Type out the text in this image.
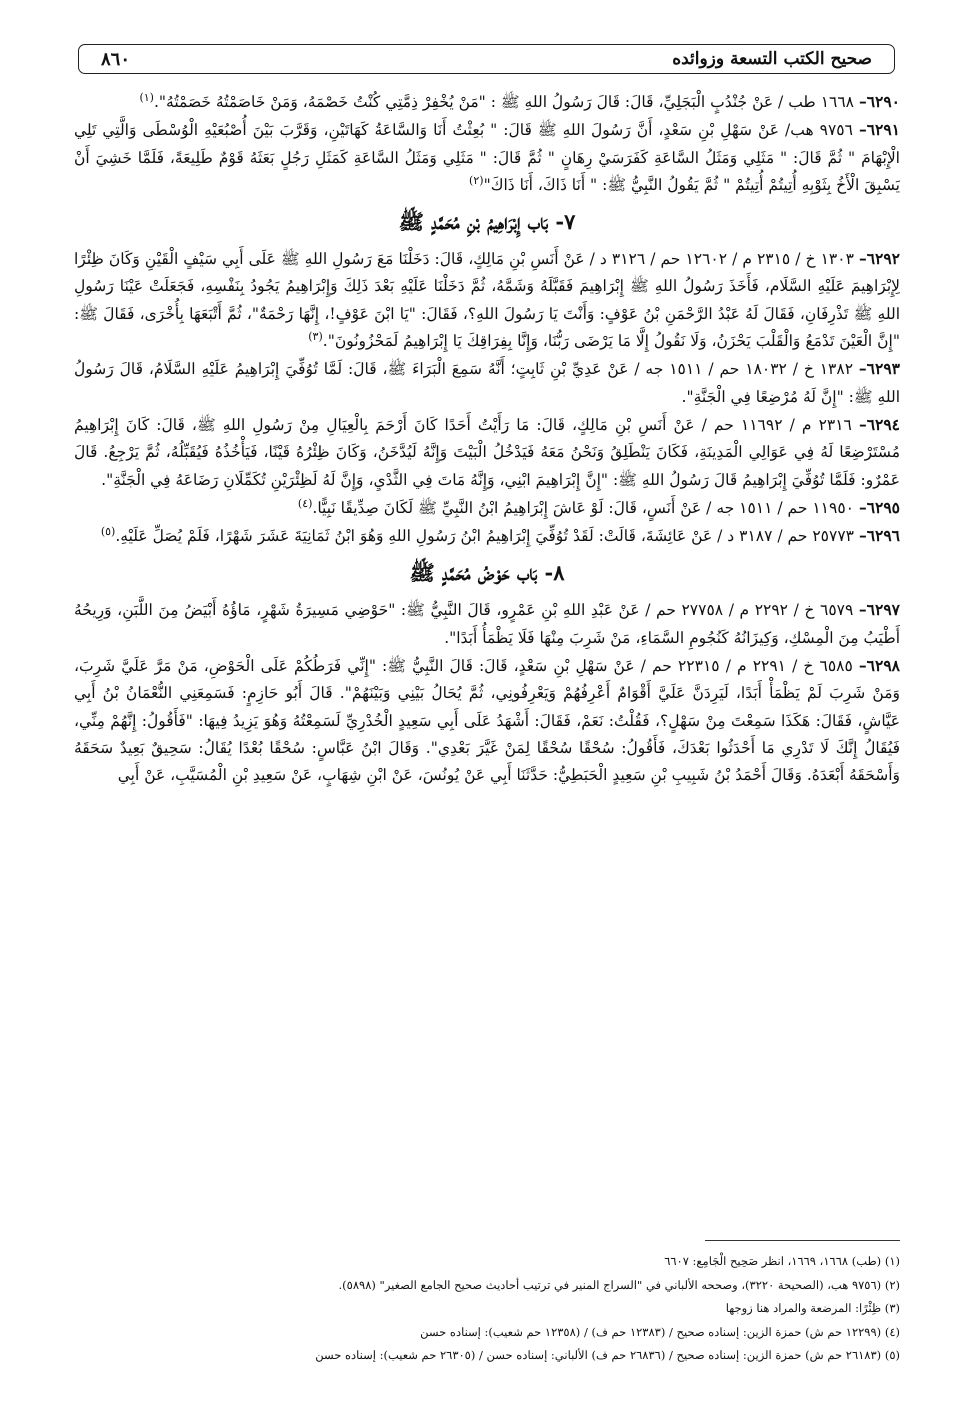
صحيح الكتب التسعة وزوائده
٨٦٠

٦٢٩٠– ١٦٦٨ طب / عَنْ جُنْدُبٍ الْبَجَلِيِّ، قَالَ: قَالَ رَسُولُ اللهِ ﷺ : "مَنْ يُخْفِرْ ذِمَّتِي كُنْتُ خَصْمَهُ، وَمَنْ خَاصَمْتُهُ خَصَمْتُهُ".$^{(١)}$

٦٢٩١– ٩٧٥٦ هب/ عَنْ سَهْلِ بْنِ سَعْدٍ، أَنَّ رَسُولَ اللهِ ﷺ قَالَ: " بُعِثْتُ أَنَا وَالسَّاعَةُ كَهَاتَيْنِ، وَقَرَّبَ بَيْنَ أُصْبُعَيْهِ الْوُسْطَى وَالَّتِي تَلِي الْإِبْهَامَ " ثُمَّ قَالَ: " مَثَلِي وَمَثَلُ السَّاعَةِ كَفَرَسَيْ رِهَانٍ " ثُمَّ قَالَ: " مَثَلِي وَمَثَلُ السَّاعَةِ كَمَثَلِ رَجُلٍ بَعَثَهُ قَوْمٌ طَلِيعَةً، فَلَمَّا خَشِيَ أَنْ يَسْبِقَ الْأَخُ بِثَوْبِهِ أُتِيتُمْ أُتِيتُمْ " ثُمَّ يَقُولُ النَّبِيُّ ﷺ: " أَنَا ذَاكَ، أَنَا ذَاكَ"$^{(٢)}$

٧- بَاب إِبْرَاهِيمُ بْنِ مُحَمَّدٍ ﷺ

٦٢٩٢– ١٣٠٣ خ / ٢٣١٥ م / ١٢٦٠٢ حم / ٣١٢٦ د / عَنْ أَنَسِ بْنِ مَالِكٍ، قَالَ: دَخَلْنَا مَعَ رَسُولِ اللهِ ﷺ عَلَى أَبِي سَيْفٍ الْقَيْنِ وَكَانَ ظِئْرًا لِإِبْرَاهِيمَ عَلَيْهِ السَّلَام، فَأَخَذَ رَسُولُ اللهِ ﷺ إِبْرَاهِيمَ فَقَبَّلَهُ وَشَمَّهُ، ثُمَّ دَخَلْنَا عَلَيْهِ بَعْدَ ذَلِكَ وَإِبْرَاهِيمُ يَجُودُ بِنَفْسِهِ، فَجَعَلَتْ عَيْنَا رَسُولِ اللهِ ﷺ تَذْرِفَانِ، فَقَالَ لَهُ عَبْدُ الرَّحْمَنِ بْنُ عَوْفٍ: وَأَنْتَ يَا رَسُولَ اللهِ؟، فَقَالَ: "يَا ابْنَ عَوْفٍ!، إِنَّهَا رَحْمَةٌ"، ثُمَّ أَتْبَعَهَا بِأُخْرَى، فَقَالَ ﷺ: "إِنَّ الْعَيْنَ تَدْمَعُ وَالْقَلْبَ يَحْزَنُ، وَلَا نَقُولُ إِلَّا مَا يَرْضَى رَبُّنَا، وَإِنَّا بِفِرَاقِكَ يَا إِبْرَاهِيمُ لَمَحْزُونُونَ".$^{(٣)}$

٦٢٩٣– ١٣٨٢ خ / ١٨٠٣٢ حم / ١٥١١ جه / عَنْ عَدِيِّ بْنِ ثَابِتٍ؛ أَنَّهُ سَمِعَ الْبَرَاءَ ﷺ، قَالَ: لَمَّا تُوُفِّيَ إِبْرَاهِيمُ عَلَيْهِ السَّلَامُ، قَالَ رَسُولُ اللهِ ﷺ: "إِنَّ لَهُ مُرْضِعًا فِي الْجَنَّةِ".

٦٢٩٤– ٢٣١٦ م / ١١٦٩٢ حم / عَنْ أَنَسِ بْنِ مَالِكٍ، قَالَ: مَا رَأَيْتُ أَحَدًا كَانَ أَرْحَمَ بِالْعِيَالِ مِنْ رَسُولِ اللهِ ﷺ، قَالَ: كَانَ إِبْرَاهِيمُ مُسْتَرْضِعًا لَهُ فِي عَوَالِي الْمَدِينَةِ، فَكَانَ يَنْطَلِقُ وَنَحْنُ مَعَهُ فَيَدْخُلُ الْبَيْتَ وَإِنَّهُ لَيُدَّخَنُ، وَكَانَ ظِئْرُهُ قَيْنًا، فَيَأْخُذُهُ فَيُقَبِّلُهُ، ثُمَّ يَرْجِعُ. قَالَ عَمْرٌو: فَلَمَّا تُوُفِّيَ إِبْرَاهِيمُ قَالَ رَسُولُ اللهِ ﷺ: "إِنَّ إِبْرَاهِيمَ ابْنِي، وَإِنَّهُ مَاتَ فِي الثَّدْيِ، وَإِنَّ لَهُ لَظِئْرَيْنِ تُكَمِّلَانِ رَضَاعَهُ فِي الْجَنَّةِ".

٦٢٩٥– ١١٩٥٠ حم / ١٥١١ جه / عَنْ أَنَسٍ، قَالَ: لَوْ عَاشَ إِبْرَاهِيمُ ابْنُ النَّبِيِّ ﷺ لَكَانَ صِدِّيقًا نَبِيًّا.$^{(٤)}$

٦٢٩٦– ٢٥٧٧٣ حم / ٣١٨٧ د / عَنْ عَائِشَةَ، قَالَتْ: لَقَدْ تُوُفِّيَ إِبْرَاهِيمُ ابْنُ رَسُولِ اللهِ وَهُوَ ابْنُ ثَمَانِيَةَ عَشَرَ شَهْرًا، فَلَمْ يُصَلِّ عَلَيْهِ.$^{(٥)}$

٨- بَاب حَوْضُ مُحَمَّدٍ ﷺ

٦٢٩٧– ٦٥٧٩ خ / ٢٢٩٢ م / ٢٧٧٥٨ حم / عَنْ عَبْدِ اللهِ بْنِ عَمْرٍو، قَالَ النَّبِيُّ ﷺ: "حَوْضِي مَسِيرَةُ شَهْرٍ، مَاؤُهُ أَبْيَضُ مِنَ اللَّبَنِ، وَرِيحُهُ أَطْيَبُ مِنَ الْمِسْكِ، وَكِيزَانُهُ كَنُجُومِ السَّمَاءِ، مَنْ شَرِبَ مِنْهَا فَلَا يَظْمَأُ أَبَدًا".

٦٢٩٨– ٦٥٨٥ خ / ٢٢٩١ م / ٢٢٣١٥ حم / عَنْ سَهْلِ بْنِ سَعْدٍ، قَالَ: قَالَ النَّبِيُّ ﷺ: "إِنِّي فَرَطُكُمْ عَلَى الْحَوْضِ، مَنْ مَرَّ عَلَيَّ شَرِبَ، وَمَنْ شَرِبَ لَمْ يَظْمَأْ أَبَدًا، لَيَرِدَنَّ عَلَيَّ أَقْوَامٌ أَعْرِفُهُمْ وَيَعْرِفُونِي، ثُمَّ يُحَالُ بَيْنِي وَبَيْنَهُمْ". قَالَ أَبُو حَازِمٍ: فَسَمِعَنِي النُّعْمَانُ بْنُ أَبِي عَيَّاشٍ، فَقَالَ: هَكَذَا سَمِعْتَ مِنْ سَهْلٍ؟، فَقُلْتُ: نَعَمْ، فَقَالَ: أَشْهَدُ عَلَى أَبِي سَعِيدٍ الْخُدْرِيِّ لَسَمِعْتُهُ وَهُوَ يَزِيدُ فِيهَا: "فَأَقُولُ: إِنَّهُمْ مِنِّي، فَيُقَالُ إِنَّكَ لَا تَدْرِي مَا أَحْدَثُوا بَعْدَكَ، فَأَقُولُ: سُحْقًا سُحْقًا لِمَنْ غَيَّرَ بَعْدِي". وَقَالَ ابْنُ عَبَّاسٍ: سُحْقًا بُعْدًا يُقَالُ: سَحِيقٌ بَعِيدٌ سَحَقَهُ وَأَسْحَقَهُ أَبْعَدَهُ. وَقَالَ أَحْمَدُ بْنُ شَبِيبِ بْنِ سَعِيدٍ الْحَبَطِيُّ: حَدَّثَنَا أَبِي عَنْ يُونُسَ، عَنْ ابْنِ شِهَابٍ، عَنْ سَعِيدِ بْنِ الْمُسَيَّبِ، عَنْ أَبِي

(١) (طب) ١٦٦٨، ١٦٦٩، انظر صَحِيح الْجَامِع: ٦٦٠٧

(٢) (٩٧٥٦ هب، (الصحيحة ٣٢٢٠)، وصححه الألباني في "السراج المنير في ترتيب أحاديث صحيح الجامع الصغير" (٥٨٩٨).

(٣) ظِئْرًا: المرضعة والمراد هنا زوجها

(٤) (١٢٢٩٩ حم ش) حمزة الزين: إسناده صحيح / (١٢٣٨٣ حم ف) / (١٢٣٥٨ حم شعيب): إسناده حسن

(٥) (٢٦١٨٣ حم ش) حمزة الزين: إسناده صحيح / (٢٦٨٣٦ حم ف) الألباني: إسناده حسن / (٢٦٣٠٥ حم شعيب): إسناده حسن
